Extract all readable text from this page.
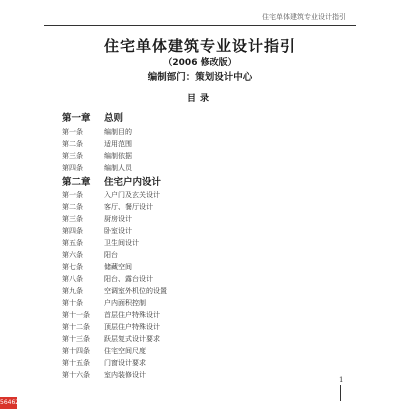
住宅单体建筑专业设计指引
住宅单体建筑专业设计指引
（2006 修改版）
编制部门：策划设计中心
目录
第一章 总则
第一条	编制目的
第二条	适用范围
第三条	编制依据
第四条	编制人员
第二章 住宅户内设计
第一条	入户门及玄关设计
第二条	客厅、餐厅设计
第三条	厨房设计
第四条	卧室设计
第五条	卫生间设计
第六条	阳台
第七条	储藏空间
第八条	阳台、露台设计
第九条	空调室外机位的设置
第十条	户内面积控制
第十一条 首层住户特殊设计
第十二条 顶层住户特殊设计
第十三条 跃层复式设计要求
第十四条 住宅空间尺度
第十五条 门窗设计要求
第十六条 室内装修设计
1
56462
